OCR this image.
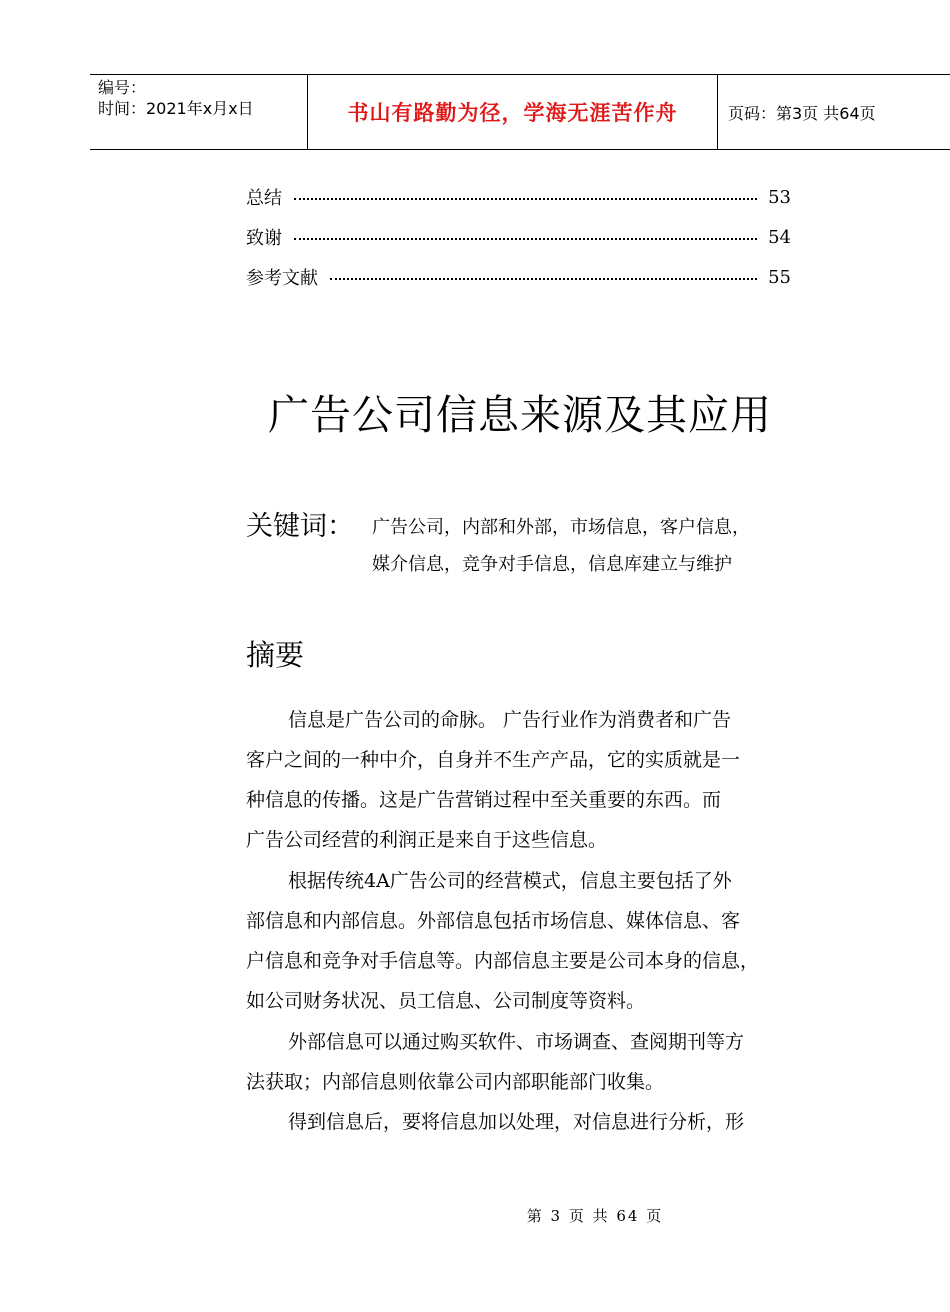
编号：
时间：2021年x月x日	书山有路勤为径，学海无涯苦作舟	页码：第3页 共64页
总结	53
致谢	54
参考文献	55
广告公司信息来源及其应用
关键词： 广告公司，内部和外部，市场信息，客户信息，
媒介信息，竞争对手信息，信息库建立与维护
摘要
信息是广告公司的命脉。 广告行业作为消费者和广告
客户之间的一种中介，自身并不生产产品，它的实质就是一
种信息的传播。这是广告营销过程中至关重要的东西。而
广告公司经营的利润正是来自于这些信息。
根据传统4A广告公司的经营模式，信息主要包括了外
部信息和内部信息。外部信息包括市场信息、媒体信息、客
户信息和竞争对手信息等。内部信息主要是公司本身的信息，
如公司财务状况、员工信息、公司制度等资料。
外部信息可以通过购买软件、市场调查、查阅期刊等方
法获取；内部信息则依靠公司内部职能部门收集。
得到信息后，要将信息加以处理，对信息进行分析，形
第 3 页 共 64 页
